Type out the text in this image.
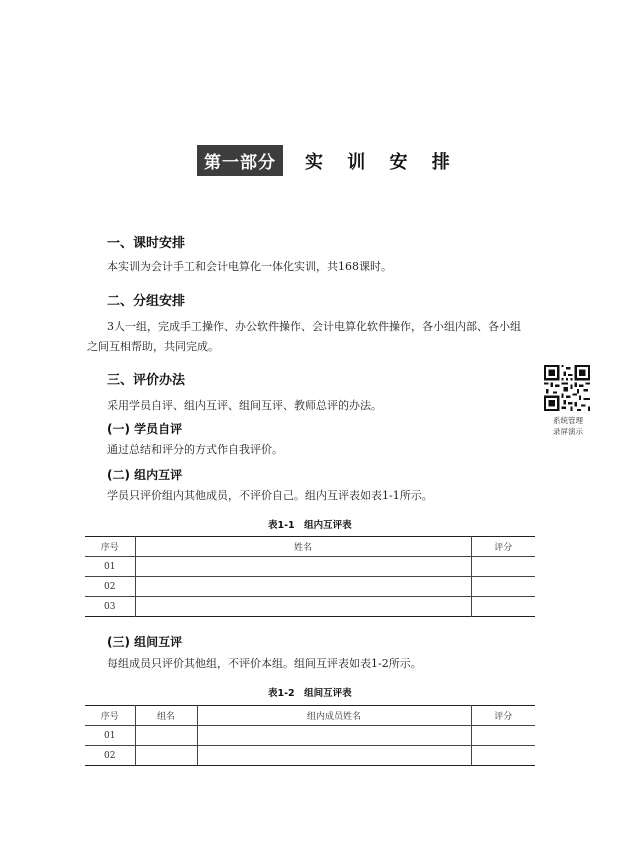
第一部分	实 训 安 排
一、课时安排
本实训为会计手工和会计电算化一体化实训，共168课时。
二、分组安排
3人一组，完成手工操作、办公软件操作、会计电算化软件操作，各小组内部、各小组
之间互相帮助，共同完成。
三、评价办法
采用学员自评、组内互评、组间互评、教师总评的办法。
(一) 学员自评
通过总结和评分的方式作自我评价。
(二) 组内互评
学员只评价组内其他成员，不评价自己。组内互评表如表1-1所示。
表1-1　组内互评表
序号	姓名	评分
01		
02		
03		
(三) 组间互评
每组成员只评价其他组，不评价本组。组间互评表如表1-2所示。
表1-2　组间互评表
序号	组名	组内成员姓名	评分
01			
02			
系统管理
录屏演示
